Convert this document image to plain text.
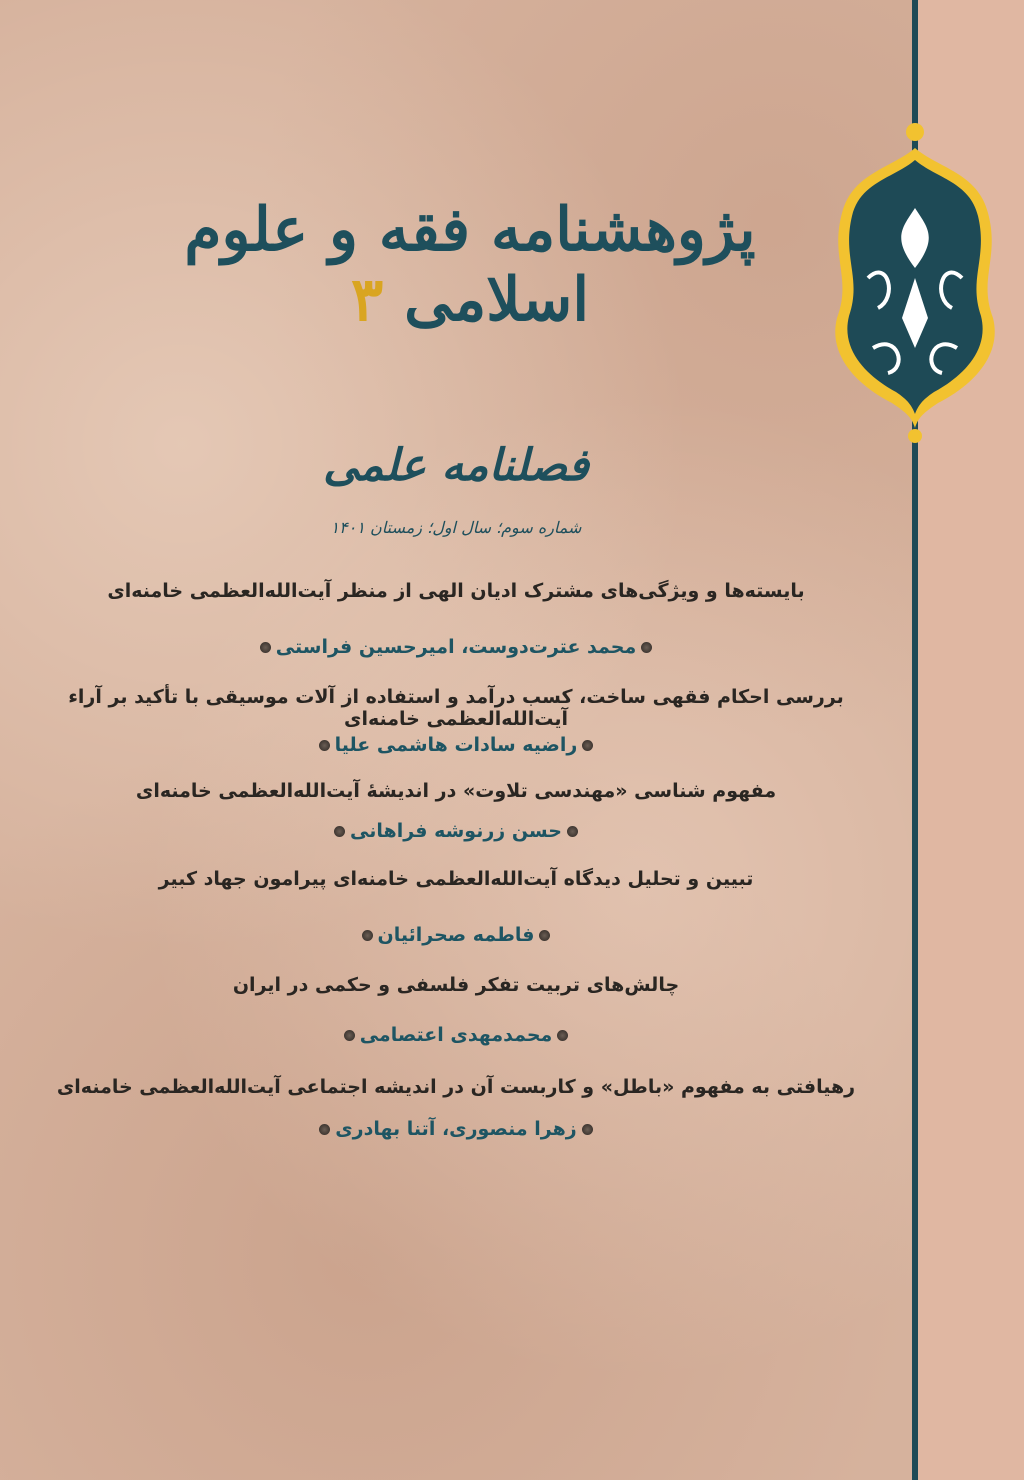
پژوهشنامه فقه و علوم اسلامی ۳
فصلنامه علمی
شماره سوم؛ سال اول؛ زمستان ۱۴۰۱
بایسته‌ها و ویژگی‌های مشترک ادیان الهی از منظر آیت‌الله‌العظمی خامنه‌ای
محمد عترت‌دوست، امیرحسین فراستی
بررسی احکام فقهی ساخت، کسب درآمد و استفاده از آلات موسیقی با تأکید بر آراء آیت‌الله‌العظمی خامنه‌ای
راضیه سادات هاشمی علیا
مفهوم شناسی «مهندسی تلاوت» در اندیشهٔ آیت‌الله‌العظمی خامنه‌ای
حسن زرنوشه فراهانی
تبیین و تحلیل دیدگاه آیت‌الله‌العظمی خامنه‌ای پیرامون جهاد کبیر
فاطمه صحرائیان
چالش‌های تربیت تفکر فلسفی و حکمی در ایران
محمدمهدی اعتصامی
رهیافتی به مفهوم «باطل» و کاربست آن در اندیشه اجتماعی آیت‌الله‌العظمی خامنه‌ای
زهرا منصوری، آتنا بهادری
